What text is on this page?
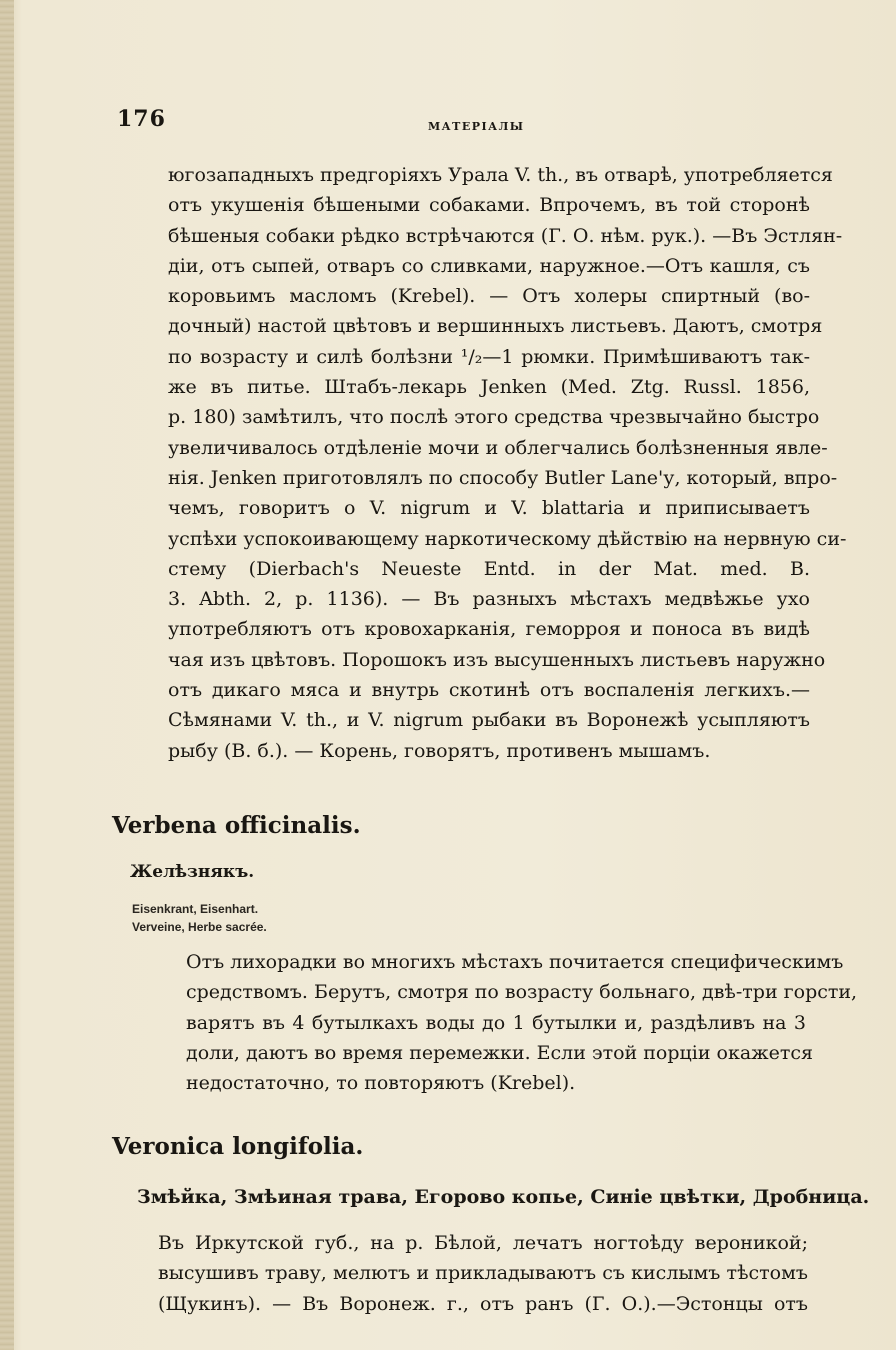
176	МАТЕРІАЛЫ
югозападныхъ предгоріяхъ Урала V. th., въ отварѣ, употребляется
отъ укушенія бѣшеными собаками. Впрочемъ, въ той сторонѣ
бѣшеныя собаки рѣдко встрѣчаются (Г. О. нѣм. рук.). —Въ Эстлян-
діи, отъ сыпей, отваръ со сливками, наружное.—Отъ кашля, съ
коровьимъ масломъ (Krebel). — Отъ холеры спиртный (во-
дочный) настой цвѣтовъ и вершинныхъ листьевъ. Даютъ, смотря
по возрасту и силѣ болѣзни ¹/₂—1 рюмки. Примѣшиваютъ так-
же въ питье. Штабъ-лекарь Jenken (Med. Ztg. Russl. 1856,
p. 180) замѣтилъ, что послѣ этого средства чрезвычайно быстро
увеличивалось отдѣленіе мочи и облегчались болѣзненныя явле-
нія. Jenken приготовлялъ по способу Butler Lane'у, который, впро-
чемъ, говоритъ о V. nigrum и V. blattaria и приписываетъ
успѣхи успокоивающему наркотическому дѣйствію на нервную си-
стему (Dierbach's Neueste Entd. in der Mat. med. B.
3. Abth. 2, p. 1136). — Въ разныхъ мѣстахъ медвѣжье ухо
употребляютъ отъ кровохарканія, геморроя и поноса въ видѣ
чая изъ цвѣтовъ. Порошокъ изъ высушенныхъ листьевъ наружно
отъ дикаго мяса и внутрь скотинѣ отъ воспаленія легкихъ.—
Сѣмянами V. th., и V. nigrum рыбаки въ Воронежѣ усыпляютъ
рыбу (В. б.). — Корень, говорятъ, противенъ мышамъ.
Verbena officinalis.
Желѣзнякъ.
Eisenkrant, Eisenhart.
Verveine, Herbe sacrée.
Отъ лихорадки во многихъ мѣстахъ почитается специфическимъ
средствомъ. Берутъ, смотря по возрасту больнаго, двѣ-три горсти,
варятъ въ 4 бутылкахъ воды до 1 бутылки и, раздѣливъ на 3
доли, даютъ во время перемежки. Если этой порціи окажется
недостаточно, то повторяютъ (Krebel).
Veronica longifolia.
Змѣйка, Змѣиная трава, Егорово копье, Синіе цвѣтки, Дробница.
Въ Иркутской губ., на р. Бѣлой, лечатъ ногтоѣду вероникой;
высушивъ траву, мелютъ и прикладываютъ съ кислымъ тѣстомъ
(Щукинъ). — Въ Воронеж. г., отъ ранъ (Г. О.).—Эстонцы отъ
